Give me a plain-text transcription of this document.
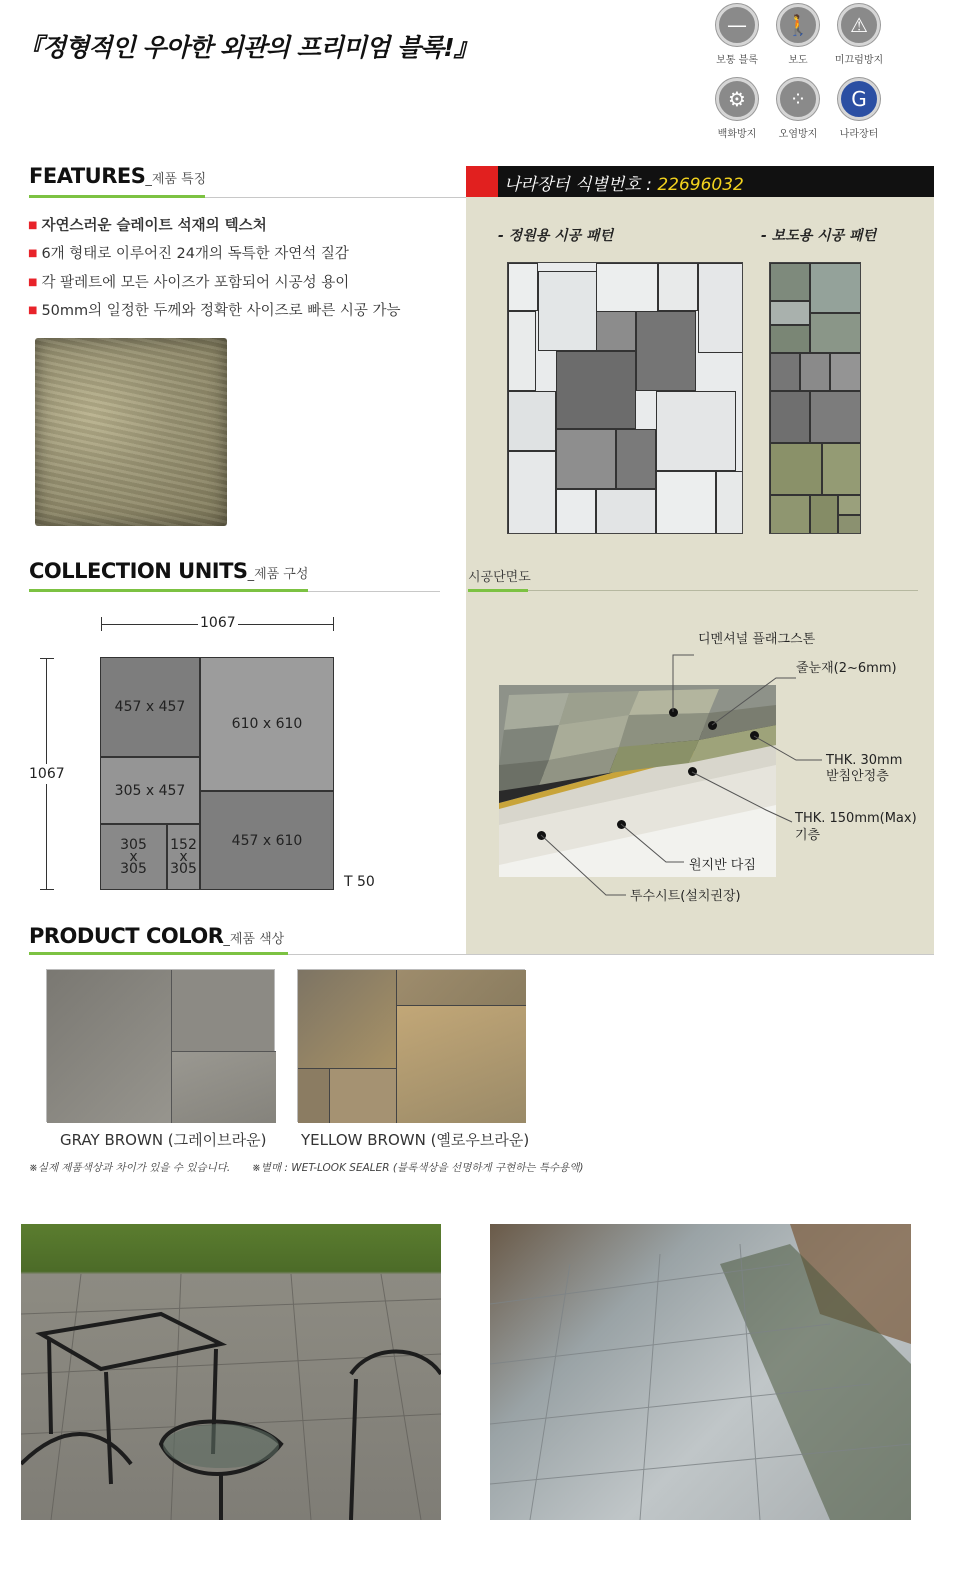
『정형적인 우아한 외관의 프리미엄 블록!』
—
보통 블록
🚶
보도
⚠
미끄럼방지
⚙
백화방지
⁘
오염방지
G
나라장터
FEATURES_제품 특징
■ 자연스러운 슬레이트 석재의 텍스처
■ 6개 형태로 이루어진 24개의 독특한 자연석 질감
■ 각 팔레트에 모든 사이즈가 포함되어 시공성 용이
■ 50mm의 일정한 두께와 정확한 사이즈로 빠른 시공 가능
나라장터 식별번호 : 22696032
- 정원용 시공 패턴	- 보도용 시공 패턴
COLLECTION UNITS_제품 구성
1067
1067
457 x 457
610 x 610
305 x 457
457 x 610
305
x
305
152
x
305
T 50
시공단면도
디멘셔널 플래그스톤
줄눈재(2~6mm)
THK. 30mm
받침안정층
THK. 150mm(Max)
기층
원지반 다짐
투수시트(설치권장)
PRODUCT COLOR_제품 색상
GRAY BROWN (그레이브라운) YELLOW BROWN (옐로우브라운)
※실제 제품색상과 차이가 있을 수 있습니다. ※별매 : WET-LOOK SEALER (블록색상을 선명하게 구현하는 특수용액)
